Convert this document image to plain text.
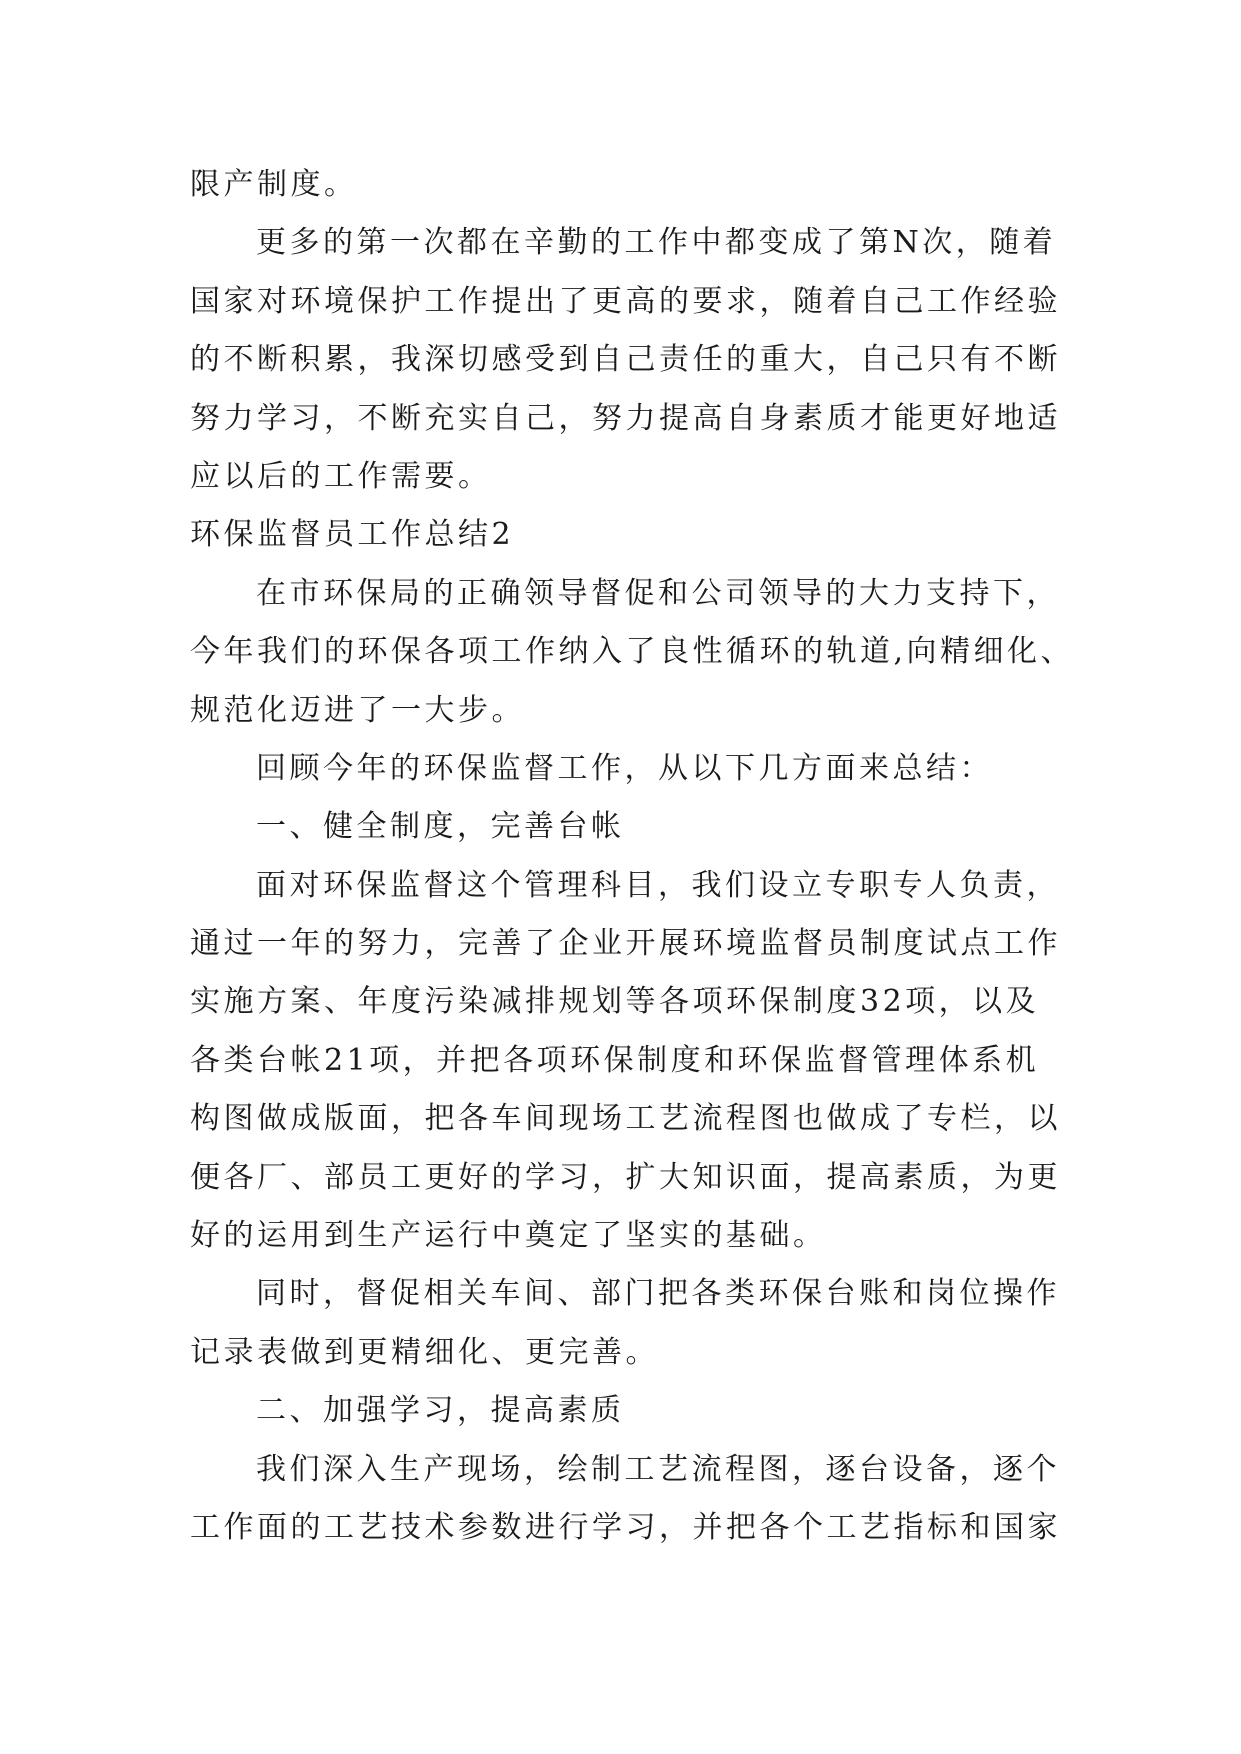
限产制度。
更多的第一次都在辛勤的工作中都变成了第N次，随着
国家对环境保护工作提出了更高的要求，随着自己工作经验
的不断积累，我深切感受到自己责任的重大，自己只有不断
努力学习，不断充实自己，努力提高自身素质才能更好地适
应以后的工作需要。
环保监督员工作总结2
在市环保局的正确领导督促和公司领导的大力支持下，
今年我们的环保各项工作纳入了良性循环的轨道,向精细化、
规范化迈进了一大步。
回顾今年的环保监督工作，从以下几方面来总结：
一、健全制度，完善台帐
面对环保监督这个管理科目，我们设立专职专人负责，
通过一年的努力，完善了企业开展环境监督员制度试点工作
实施方案、年度污染减排规划等各项环保制度32项，以及
各类台帐21项，并把各项环保制度和环保监督管理体系机
构图做成版面，把各车间现场工艺流程图也做成了专栏，以
便各厂、部员工更好的学习，扩大知识面，提高素质，为更
好的运用到生产运行中奠定了坚实的基础。
同时，督促相关车间、部门把各类环保台账和岗位操作
记录表做到更精细化、更完善。
二、加强学习，提高素质
我们深入生产现场，绘制工艺流程图，逐台设备，逐个
工作面的工艺技术参数进行学习，并把各个工艺指标和国家
